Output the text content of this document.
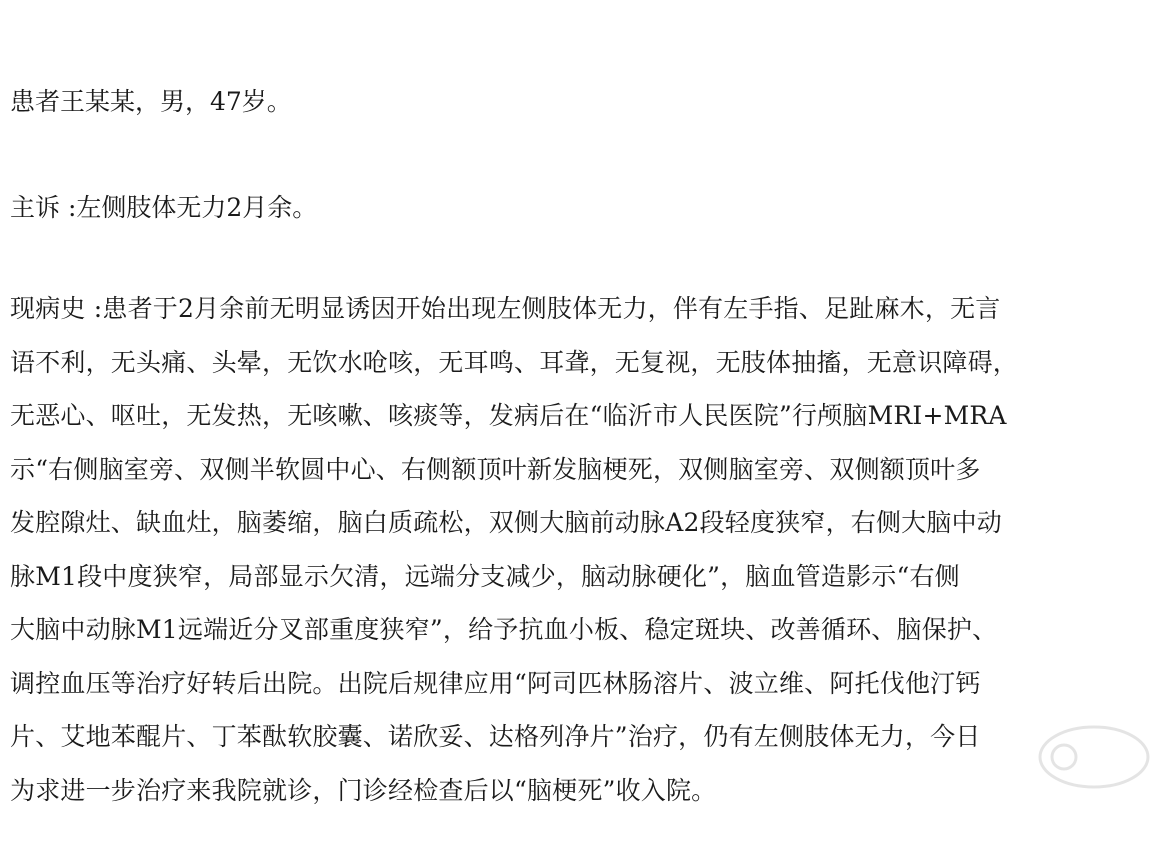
患者王某某，男，47岁。
主诉 :左侧肢体无力2月余。
现病史 :患者于2月余前无明显诱因开始出现左侧肢体无力，伴有左手指、足趾麻木，无言
语不利，无头痛、头晕，无饮水呛咳，无耳鸣、耳聋，无复视，无肢体抽搐，无意识障碍，
无恶心、呕吐，无发热，无咳嗽、咳痰等，发病后在“临沂市人民医院”行颅脑MRI+MRA
示“右侧脑室旁、双侧半软圆中心、右侧额顶叶新发脑梗死，双侧脑室旁、双侧额顶叶多
发腔隙灶、缺血灶，脑萎缩，脑白质疏松，双侧大脑前动脉A2段轻度狭窄，右侧大脑中动
脉M1段中度狭窄，局部显示欠清，远端分支减少，脑动脉硬化”，脑血管造影示“右侧
大脑中动脉M1远端近分叉部重度狭窄”，给予抗血小板、稳定斑块、改善循环、脑保护、
调控血压等治疗好转后出院。出院后规律应用“阿司匹林肠溶片、波立维、阿托伐他汀钙
片、艾地苯醌片、丁苯酞软胶囊、诺欣妥、达格列净片”治疗，仍有左侧肢体无力，今日
为求进一步治疗来我院就诊，门诊经检查后以“脑梗死”收入院。
